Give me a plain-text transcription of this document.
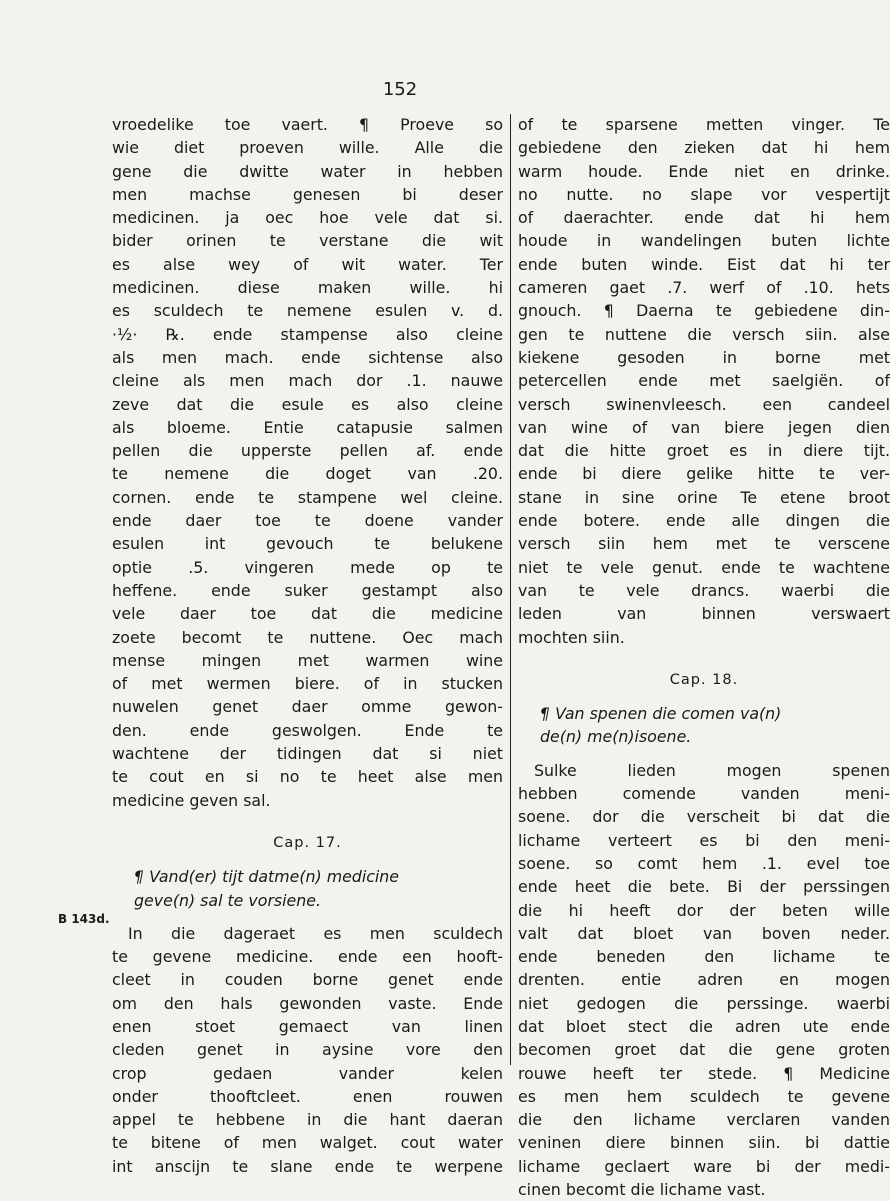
152
B 143d.
vroedelike toe vaert. ¶ Proeve so
wie diet proeven wille. Alle die
gene die dwitte water in hebben
men machse genesen bi deser
medicinen. ja oec hoe vele dat si.
bider orinen te verstane die wit
es alse wey of wit water. Ter
medicinen. diese maken wille. hi
es sculdech te nemene esulen v. d.
·½· ℞. ende stampense also cleine
als men mach. ende sichtense also
cleine als men mach dor .1. nauwe
zeve dat die esule es also cleine
als bloeme. Entie catapusie salmen
pellen die upperste pellen af. ende
te nemene die doget van .20.
cornen. ende te stampene wel cleine.
ende daer toe te doene vander
esulen int gevouch te belukene
optie .5. vingeren mede op te
heffene. ende suker gestampt also
vele daer toe dat die medicine
zoete becomt te nuttene. Oec mach
mense mingen met warmen wine
of met wermen biere. of in stucken
nuwelen genet daer omme gewon-
den. ende geswolgen. Ende te
wachtene der tidingen dat si niet
te cout en si no te heet alse men
medicine geven sal.
Cap. 17.
¶ Vand(er) tijt datme(n) medicine
geve(n) sal te vorsiene.
In die dageraet es men sculdech
te gevene medicine. ende een hooft-
cleet in couden borne genet ende
om den hals gewonden vaste. Ende
enen stoet gemaect van linen
cleden genet in aysine vore den
crop gedaen vander kelen
onder thooftcleet. enen rouwen
appel te hebbene in die hant daeran
te bitene of men walget. cout water
int anscijn te slane ende te werpene
of te sparsene metten vinger. Te
gebiedene den zieken dat hi hem
warm houde. Ende niet en drinke.
no nutte. no slape vor vespertijt
of daerachter. ende dat hi hem
houde in wandelingen buten lichte
ende buten winde. Eist dat hi ter
cameren gaet .7. werf of .10. hets
gnouch. ¶ Daerna te gebiedene din-
gen te nuttene die versch siin. alse
kiekene gesoden in borne met
petercellen ende met saelgiën. of
versch swinenvleesch. een candeel
van wine of van biere jegen dien
dat die hitte groet es in diere tijt.
ende bi diere gelike hitte te ver-
stane in sine orine Te etene broot
ende botere. ende alle dingen die
versch siin hem met te verscene
niet te vele genut. ende te wachtene
van te vele drancs. waerbi die
leden van binnen verswaert
mochten siin.
Cap. 18.
¶ Van spenen die comen va(n)
de(n) me(n)isoene.
Sulke lieden mogen spenen
hebben comende vanden meni-
soene. dor die verscheit bi dat die
lichame verteert es bi den meni-
soene. so comt hem .1. evel toe
ende heet die bete. Bi der perssingen
die hi heeft dor der beten wille
valt dat bloet van boven neder.
ende beneden den lichame te
drenten. entie adren en mogen
niet gedogen die perssinge. waerbi
dat bloet stect die adren ute ende
becomen groet dat die gene groten
rouwe heeft ter stede. ¶ Medicine
es men hem sculdech te gevene
die den lichame verclaren vanden
veninen diere binnen siin. bi dattie
lichame geclaert ware bi der medi-
cinen becomt die lichame vast.
